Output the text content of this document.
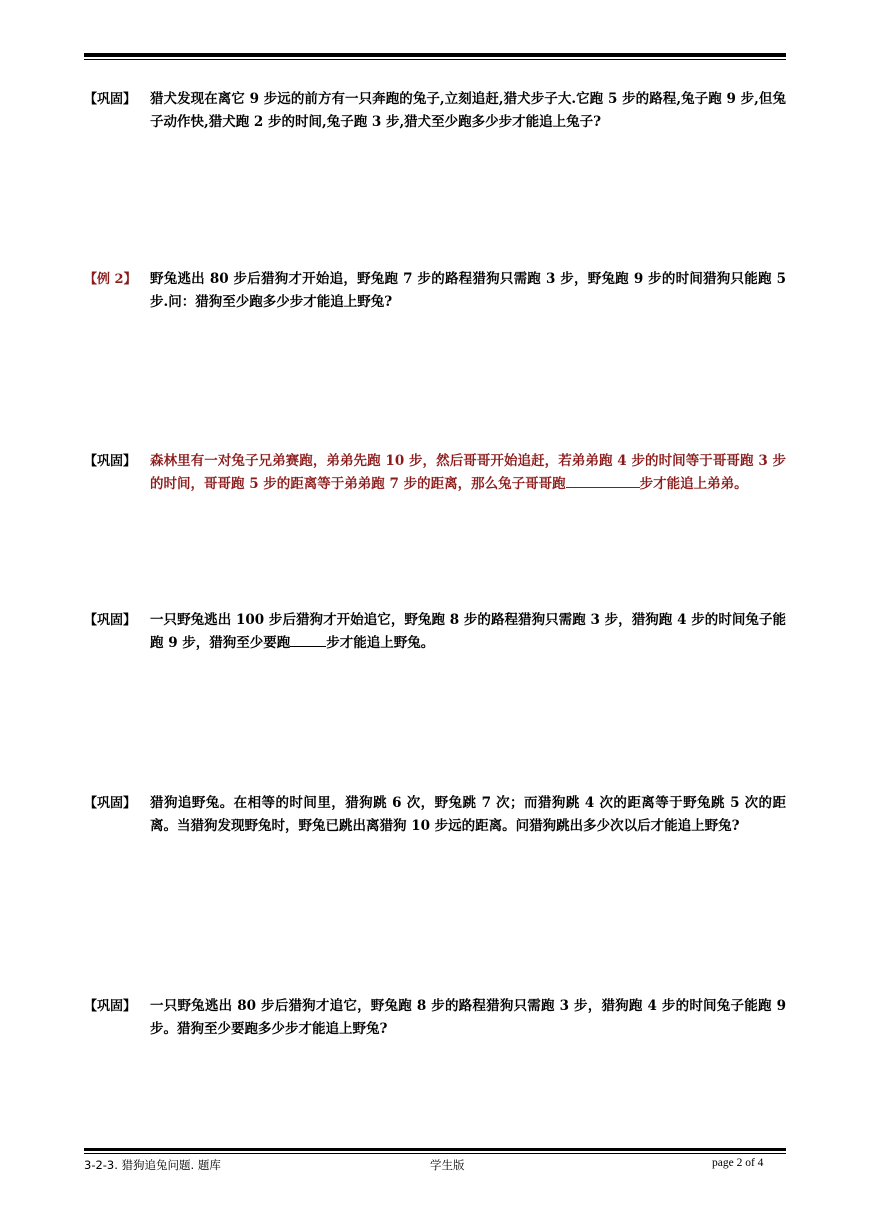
【巩固】	猎犬发现在离它 9 步远的前方有一只奔跑的兔子,立刻追赶,猎犬步子大.它跑 5 步的路程,兔子跑 9 步,但兔子动作快,猎犬跑 2 步的时间,兔子跑 3 步,猎犬至少跑多少步才能追上兔子?
【例 2】 野兔逃出 80 步后猎狗才开始追，野兔跑 7 步的路程猎狗只需跑 3 步，野兔跑 9 步的时间猎狗只能跑 5 步.问：猎狗至少跑多少步才能追上野兔?
【巩固】	森林里有一对兔子兄弟赛跑，弟弟先跑 10 步，然后哥哥开始追赶，若弟弟跑 4 步的时间等于哥哥跑 3 步的时间，哥哥跑 5 步的距离等于弟弟跑 7 步的距离，那么兔子哥哥跑	步才能追上弟弟。
【巩固】	一只野兔逃出 100 步后猎狗才开始追它，野兔跑 8 步的路程猎狗只需跑 3 步，猎狗跑 4 步的时间兔子能跑 9 步，猎狗至少要跑	步才能追上野兔。
【巩固】	猎狗追野兔。在相等的时间里，猎狗跳 6 次，野兔跳 7 次；而猎狗跳 4 次的距离等于野兔跳 5 次的距离。当猎狗发现野兔时，野兔已跳出离猎狗 10 步远的距离。问猎狗跳出多少次以后才能追上野兔?
【巩固】	一只野兔逃出 80 步后猎狗才追它，野兔跑 8 步的路程猎狗只需跑 3 步，猎狗跑 4 步的时间兔子能跑 9 步。猎狗至少要跑多少步才能追上野兔?
3-2-3. 猎狗追兔问题. 题库	学生版	page 2 of 4
